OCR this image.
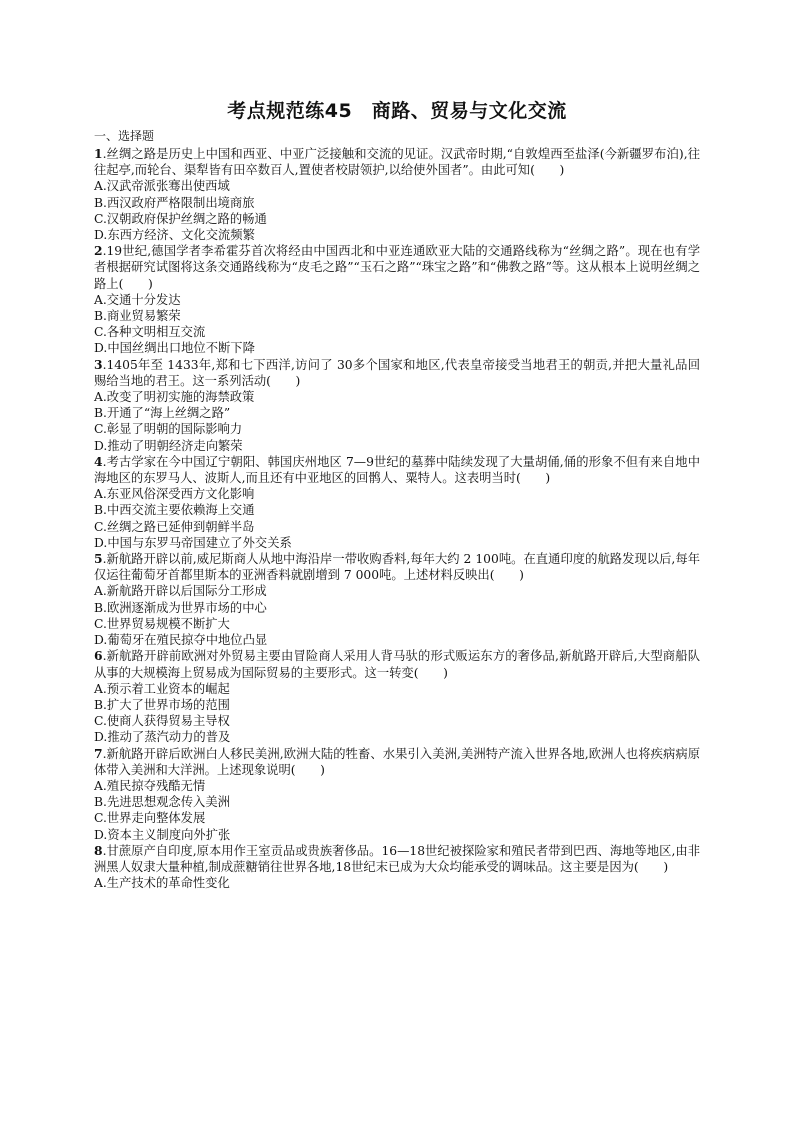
考点规范练45　商路、贸易与文化交流

一、选择题

1.丝绸之路是历史上中国和西亚、中亚广泛接触和交流的见证。汉武帝时期,“自敦煌西至盐泽(今新疆罗布泊),往往起亭,而轮台、渠犁皆有田卒数百人,置使者校尉领护,以给使外国者”。由此可知(　　)

A.汉武帝派张骞出使西域

B.西汉政府严格限制出境商旅

C.汉朝政府保护丝绸之路的畅通

D.东西方经济、文化交流频繁

2.19世纪,德国学者李希霍芬首次将经由中国西北和中亚连通欧亚大陆的交通路线称为“丝绸之路”。现在也有学者根据研究试图将这条交通路线称为“皮毛之路”“玉石之路”“珠宝之路”和“佛教之路”等。这从根本上说明丝绸之路上(　　)

A.交通十分发达

B.商业贸易繁荣

C.各种文明相互交流

D.中国丝绸出口地位不断下降

3.1405年至 1433年,郑和七下西洋,访问了 30多个国家和地区,代表皇帝接受当地君王的朝贡,并把大量礼品回赐给当地的君王。这一系列活动(　　)

A.改变了明初实施的海禁政策

B.开通了“海上丝绸之路”

C.彰显了明朝的国际影响力

D.推动了明朝经济走向繁荣

4.考古学家在今中国辽宁朝阳、韩国庆州地区 7—9世纪的墓葬中陆续发现了大量胡俑,俑的形象不但有来自地中海地区的东罗马人、波斯人,而且还有中亚地区的回鹘人、粟特人。这表明当时(　　)

A.东亚风俗深受西方文化影响

B.中西交流主要依赖海上交通

C.丝绸之路已延伸到朝鲜半岛

D.中国与东罗马帝国建立了外交关系

5.新航路开辟以前,威尼斯商人从地中海沿岸一带收购香料,每年大约 2 100吨。在直通印度的航路发现以后,每年仅运往葡萄牙首都里斯本的亚洲香料就剧增到 7 000吨。上述材料反映出(　　)

A.新航路开辟以后国际分工形成

B.欧洲逐渐成为世界市场的中心

C.世界贸易规模不断扩大

D.葡萄牙在殖民掠夺中地位凸显

6.新航路开辟前欧洲对外贸易主要由冒险商人采用人背马驮的形式贩运东方的奢侈品,新航路开辟后,大型商船队从事的大规模海上贸易成为国际贸易的主要形式。这一转变(　　)

A.预示着工业资本的崛起

B.扩大了世界市场的范围

C.使商人获得贸易主导权

D.推动了蒸汽动力的普及

7.新航路开辟后欧洲白人移民美洲,欧洲大陆的牲畜、水果引入美洲,美洲特产流入世界各地,欧洲人也将疾病病原体带入美洲和大洋洲。上述现象说明(　　)

A.殖民掠夺残酷无情

B.先进思想观念传入美洲

C.世界走向整体发展

D.资本主义制度向外扩张

8.甘蔗原产自印度,原本用作王室贡品或贵族奢侈品。16—18世纪被探险家和殖民者带到巴西、海地等地区,由非洲黑人奴隶大量种植,制成蔗糖销往世界各地,18世纪末已成为大众均能承受的调味品。这主要是因为(　　)

A.生产技术的革命性变化
